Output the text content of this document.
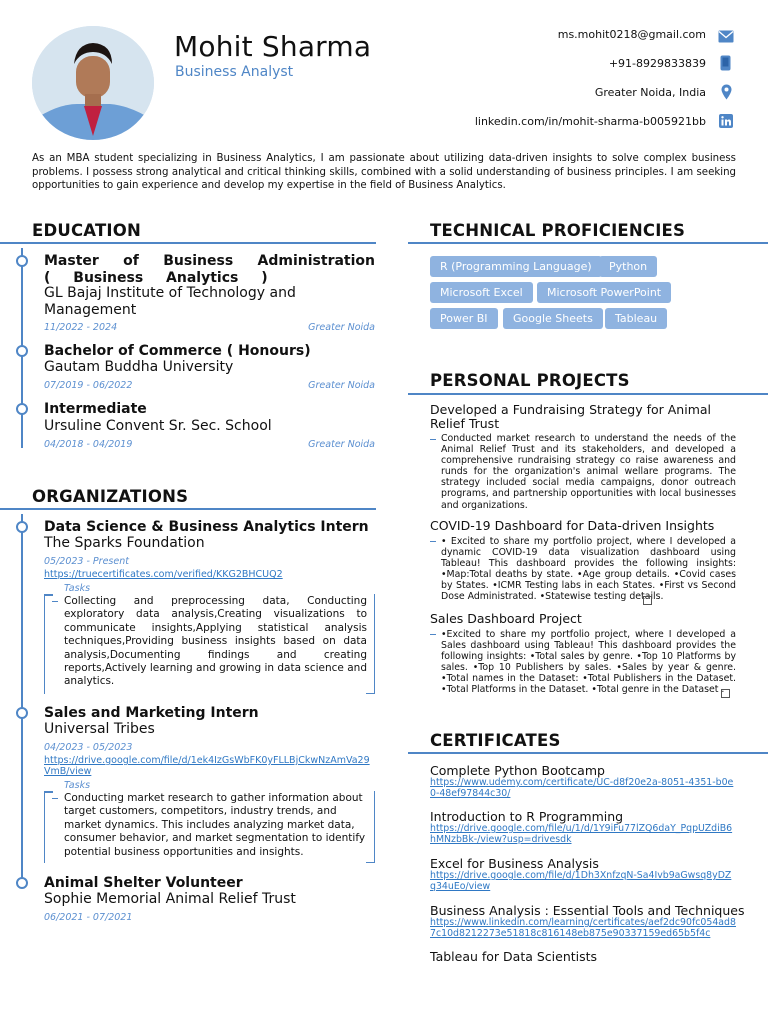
Mohit Sharma
Business Analyst
ms.mohit0218@gmail.com
+91-8929833839
Greater Noida, India
linkedin.com/in/mohit-sharma-b005921bb

As an MBA student specializing in Business Analytics, I am passionate about utilizing data-driven insights to solve complex business problems. I possess strong analytical and critical thinking skills, combined with a solid understanding of business principles. I am seeking opportunities to gain experience and develop my expertise in the field of Business Analytics.

EDUCATION
Master of Business Administration ( Business Analytics )
GL Bajaj Institute of Technology and Management
11/2022 - 2024	Greater Noida
Bachelor of Commerce ( Honours)
Gautam Buddha University
07/2019 - 06/2022	Greater Noida
Intermediate
Ursuline Convent Sr. Sec. School
04/2018 - 04/2019	Greater Noida
ORGANIZATIONS
Data Science & Business Analytics Intern
The Sparks Foundation
05/2023 - Present
https://truecertificates.com/verified/KKG2BHCUQ2
Tasks

Collecting and preprocessing data, Conducting exploratory data analysis,Creating visualizations to communicate insights,Applying statistical analysis techniques,Providing business insights based on data analysis,Documenting findings and creating reports,Actively learning and growing in data science and analytics.

Sales and Marketing Intern
Universal Tribes
04/2023 - 05/2023
https://drive.google.com/file/d/1ek4IzGsWbFK0yFLLBjCkwNzAmVa29VmB/view
Tasks

Conducting market research to gather information about target customers, competitors, industry trends, and market dynamics. This includes analyzing market data, consumer behavior, and market segmentation to identify potential business opportunities and insights.

Animal Shelter Volunteer
Sophie Memorial Animal Relief Trust
06/2021 - 07/2021
TECHNICAL PROFICIENCIES
R (Programming Language)	Python
Microsoft Excel	Microsoft PowerPoint
Power BI	Google Sheets	Tableau
PERSONAL PROJECTS
Developed a Fundraising Strategy for Animal Relief Trust

Conducted market research to understand the needs of the Animal Relief Trust and its stakeholders, and developed a comprehensive rundraising strategy co raise awareness and runds for the organization's animal wellare programs. The strategy included social media campaigns, donor outreach programs, and partnership opportunities with local businesses and organizations.

COVID-19 Dashboard for Data-driven Insights

• Excited to share my portfolio project, where I developed a dynamic COVID-19 data visualization dashboard using Tableau! This dashboard provides the following insights: •Map:Total deaths by state. •Age group details. •Covid cases by States. •ICMR Testing labs in each States. •First vs Second Dose Administrated. •Statewise testing details.

Sales Dashboard Project

•Excited to share my portfolio project, where I developed a Sales dashboard using Tableau! This dashboard provides the following insights: •Total sales by genre. •Top 10 Platforms by sales. •Top 10 Publishers by sales. •Sales by year & genre. •Total names in the Dataset: •Total Publishers in the Dataset. •Total Platforms in the Dataset. •Total genre in the Dataset .

CERTIFICATES
Complete Python Bootcamp
https://www.udemy.com/certificate/UC-d8f20e2a-8051-4351-b0e0-48ef97844c30/
Introduction to R Programming
https://drive.google.com/file/u/1/d/1Y9iFu77lZQ6daY_PqpUZdiB6hMNzbBk-/view?usp=drivesdk
Excel for Business Analysis
https://drive.google.com/file/d/1Dh3XnfzqN-Sa4Ivb9aGwsq8yDZq34uEo/view
Business Analysis : Essential Tools and Techniques
https://www.linkedin.com/learning/certificates/aef2dc90fc054ad87c10d8212273e51818c816148eb875e90337159ed65b5f4c
Tableau for Data Scientists
